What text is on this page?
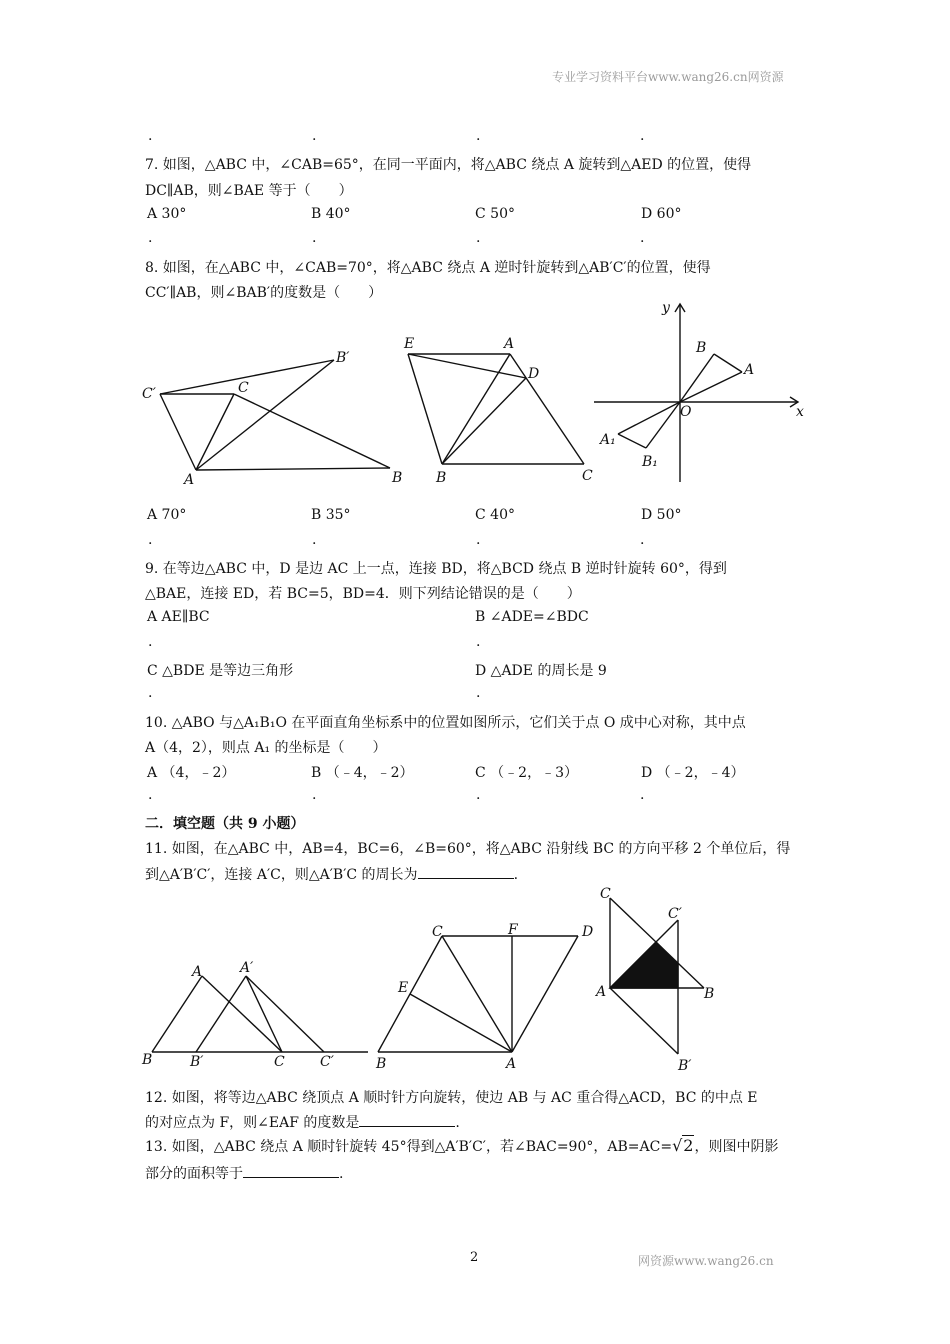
专业学习资料平台www.wang26.cn网资源
.	.	.	.
7. 如图，△ABC 中，∠CAB=65°，在同一平面内，将△ABC 绕点 A 旋转到△AED 的位置，使得
DC∥AB，则∠BAE 等于（　　）
A 30°	B 40°	C 50°	D 60°
.	.	.	.
8. 如图，在△ABC 中，∠CAB=70°，将△ABC 绕点 A 逆时针旋转到△AB′C′的位置，使得
CC′∥AB，则∠BAB′的度数是（　　）
B′
C′	C
A	B
E	A
D
B	C
y
x
O
B
A
A₁
B₁
A 70°	B 35°	C 40°	D 50°
.	.	.	.
9. 在等边△ABC 中，D 是边 AC 上一点，连接 BD，将△BCD 绕点 B 逆时针旋转 60°，得到
△BAE，连接 ED，若 BC=5，BD=4．则下列结论错误的是（　　）
A AE∥BC	B ∠ADE=∠BDC
.	.
C △BDE 是等边三角形	D △ADE 的周长是 9
.	.
10. △ABO 与△A₁B₁O 在平面直角坐标系中的位置如图所示，它们关于点 O 成中心对称，其中点
A（4，2），则点 A₁ 的坐标是（　　）
A （4，﹣2）	B （﹣4，﹣2）	C （﹣2，﹣3）	D （﹣2，﹣4）
.	.	.	.
二．填空题（共 9 小题）
11. 如图，在△ABC 中，AB=4，BC=6，∠B=60°，将△ABC 沿射线 BC 的方向平移 2 个单位后，得
到△A′B′C′，连接 A′C，则△A′B′C 的周长为	.
A	A′
B	B′	C	C′
C	F	D
E
B	A
C
C′
A	B
B′
12. 如图，将等边△ABC 绕顶点 A 顺时针方向旋转，使边 AB 与 AC 重合得△ACD，BC 的中点 E
的对应点为 F，则∠EAF 的度数是	.
13. 如图，△ABC 绕点 A 顺时针旋转 45°得到△A′B′C′，若∠BAC=90°，AB=AC=√2，则图中阴影
部分的面积等于	.
2	网资源www.wang26.cn
